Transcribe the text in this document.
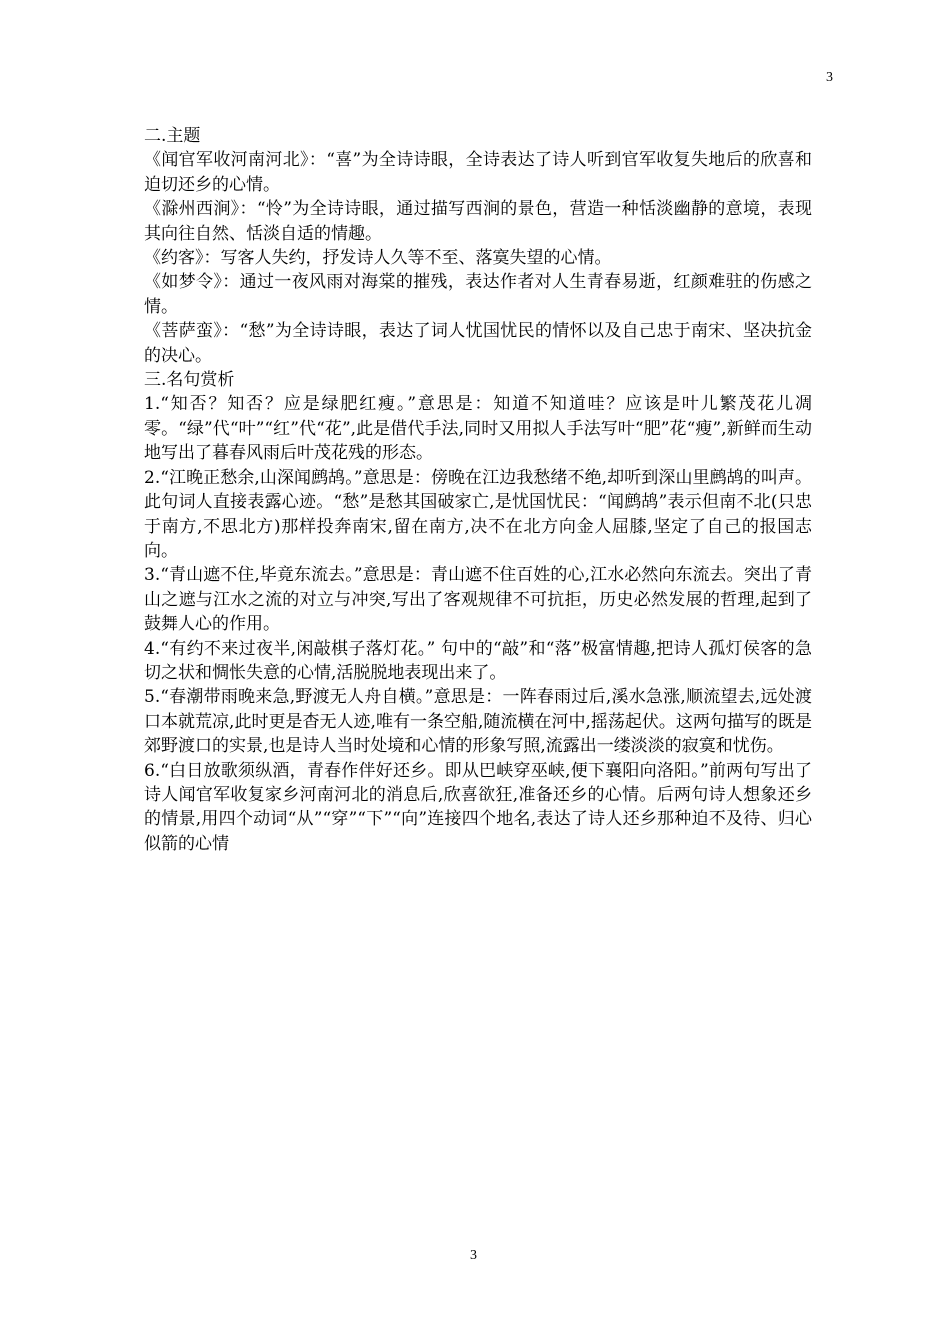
3

二.主题

《闻官军收河南河北》：“喜”为全诗诗眼，全诗表达了诗人听到官军收复失地后的欣喜和迫切还乡的心情。

《滁州西涧》：“怜”为全诗诗眼，通过描写西涧的景色，营造一种恬淡幽静的意境，表现其向往自然、恬淡自适的情趣。

《约客》：写客人失约，抒发诗人久等不至、落寞失望的心情。

《如梦令》：通过一夜风雨对海棠的摧残，表达作者对人生青春易逝，红颜难驻的伤感之情。

《菩萨蛮》：“愁”为全诗诗眼，表达了词人忧国忧民的情怀以及自己忠于南宋、坚决抗金的决心。

三.名句赏析

1.“知否？知否？应是绿肥红瘦。”意思是：知道不知道哇？应该是叶儿繁茂花儿凋零。“绿”代“叶”“红”代“花”,此是借代手法,同时又用拟人手法写叶“肥”花“瘦”,新鲜而生动地写出了暮春风雨后叶茂花残的形态。

2.“江晚正愁余,山深闻鹧鸪。”意思是：傍晚在江边我愁绪不绝,却听到深山里鹧鸪的叫声。此句词人直接表露心迹。“愁”是愁其国破家亡,是忧国忧民：“闻鹧鸪”表示但南不北(只忠于南方,不思北方)那样投奔南宋,留在南方,决不在北方向金人屈膝,坚定了自己的报国志向。

3.“青山遮不住,毕竟东流去。”意思是：青山遮不住百姓的心,江水必然向东流去。突出了青山之遮与江水之流的对立与冲突,写出了客观规律不可抗拒，历史必然发展的哲理,起到了鼓舞人心的作用。

4.“有约不来过夜半,闲敲棋子落灯花。” 句中的“敲”和“落”极富情趣,把诗人孤灯侯客的急切之状和惆怅失意的心情,活脱脱地表现出来了。

5.“春潮带雨晚来急,野渡无人舟自横。”意思是：一阵春雨过后,溪水急涨,顺流望去,远处渡口本就荒凉,此时更是杳无人迹,唯有一条空船,随流横在河中,摇荡起伏。这两句描写的既是郊野渡口的实景,也是诗人当时处境和心情的形象写照,流露出一缕淡淡的寂寞和忧伤。

6.“白日放歌须纵酒，青春作伴好还乡。即从巴峡穿巫峡,便下襄阳向洛阳。”前两句写出了诗人闻官军收复家乡河南河北的消息后,欣喜欲狂,准备还乡的心情。后两句诗人想象还乡的情景,用四个动词“从”“穿”“下”“向”连接四个地名,表达了诗人还乡那种迫不及待、归心似箭的心情

3
